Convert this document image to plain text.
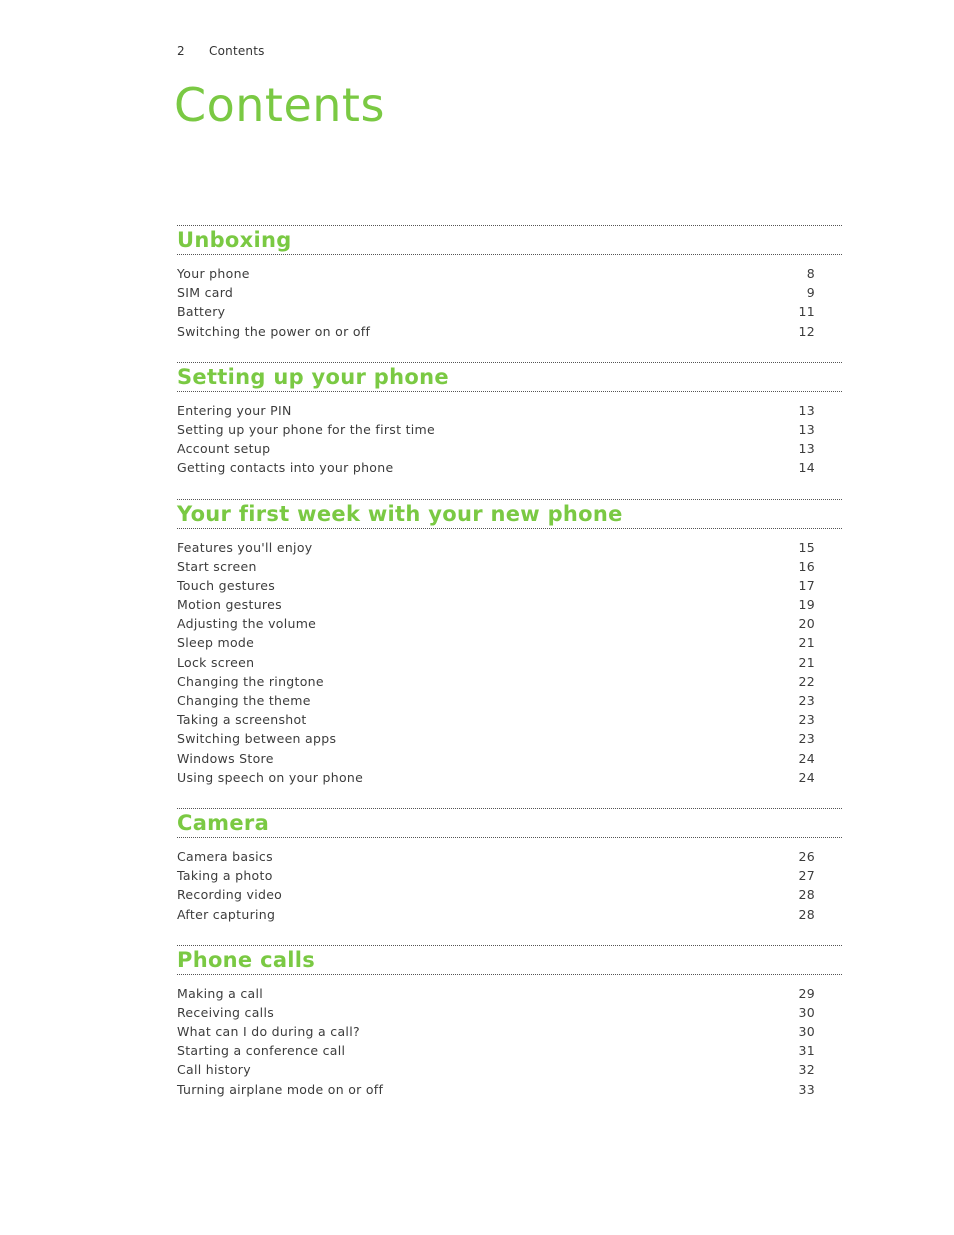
2 Contents
Contents
Unboxing
Your phone	8
SIM card	9
Battery	11
Switching the power on or off	12
Setting up your phone
Entering your PIN	13
Setting up your phone for the first time	13
Account setup	13
Getting contacts into your phone	14
Your first week with your new phone
Features you'll enjoy	15
Start screen	16
Touch gestures	17
Motion gestures	19
Adjusting the volume	20
Sleep mode	21
Lock screen	21
Changing the ringtone	22
Changing the theme	23
Taking a screenshot	23
Switching between apps	23
Windows Store	24
Using speech on your phone	24
Camera
Camera basics	26
Taking a photo	27
Recording video	28
After capturing	28
Phone calls
Making a call	29
Receiving calls	30
What can I do during a call?	30
Starting a conference call	31
Call history	32
Turning airplane mode on or off	33
